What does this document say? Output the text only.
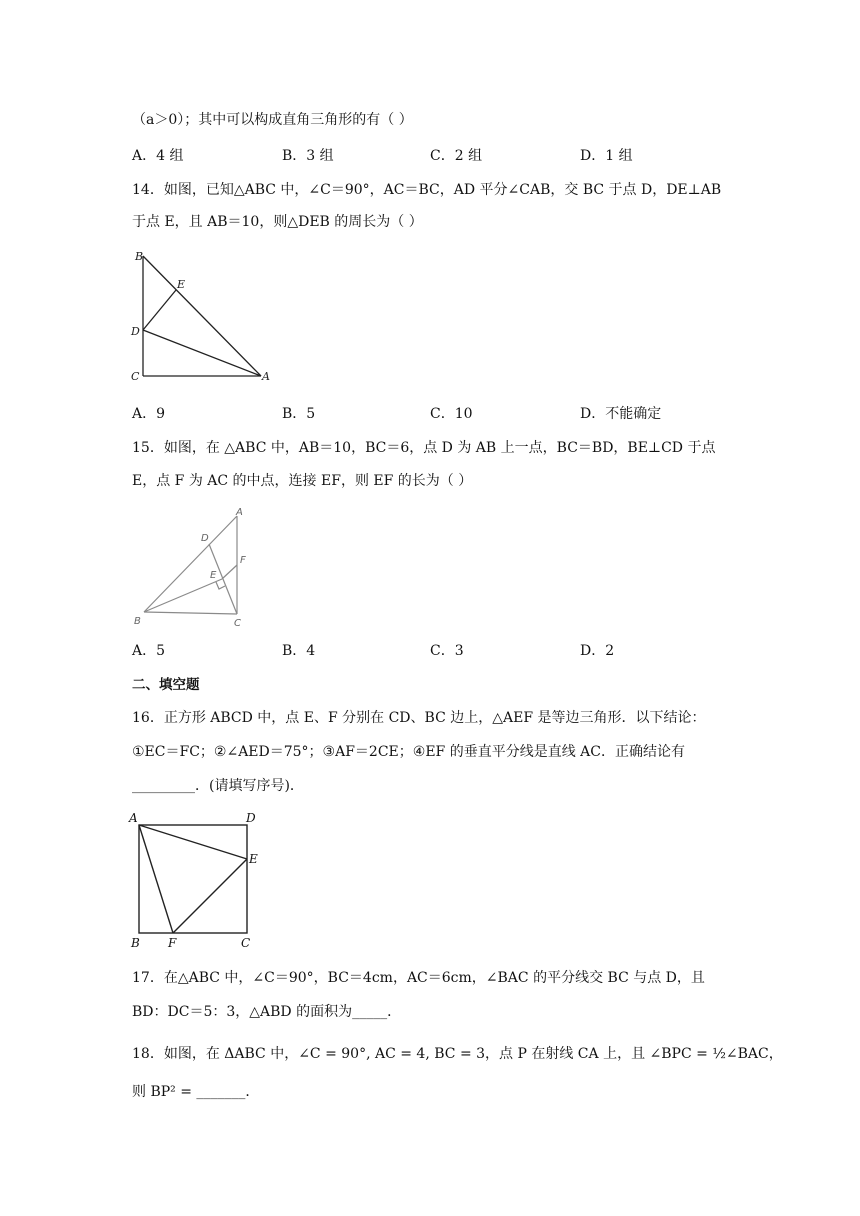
（a＞0）；其中可以构成直角三角形的有（ ）
A．4 组	B．3 组	C．2 组	D．1 组
14．如图，已知△ABC 中，∠C＝90°，AC＝BC，AD 平分∠CAB，交 BC 于点 D，DE⊥AB
于点 E，且 AB＝10，则△DEB 的周长为（ ）
B
E
D
C	A
A．9	B．5	C．10	D．不能确定
15．如图，在 △ABC 中，AB＝10，BC＝6，点 D 为 AB 上一点，BC＝BD，BE⊥CD 于点
E，点 F 为 AC 的中点，连接 EF，则 EF 的长为（ ）
A
D
F
E
B	C
A．5	B．4	C．3	D．2
二、填空题
16．正方形 ABCD 中，点 E、F 分别在 CD、BC 边上，△AEF 是等边三角形．以下结论：
①EC＝FC；②∠AED＝75°；③AF＝2CE；④EF 的垂直平分线是直线 AC．正确结论有
_________．(请填写序号)．
A	D
E
B F	C
17．在△ABC 中，∠C＝90°，BC＝4cm，AC＝6cm，∠BAC 的平分线交 BC 与点 D，且
BD：DC＝5：3，△ABD 的面积为_____．
18．如图，在 ΔABC 中，∠C = 90°, AC = 4, BC = 3，点 P 在射线 CA 上，且 ∠BPC = ½∠BAC，
则 BP² = _______．
